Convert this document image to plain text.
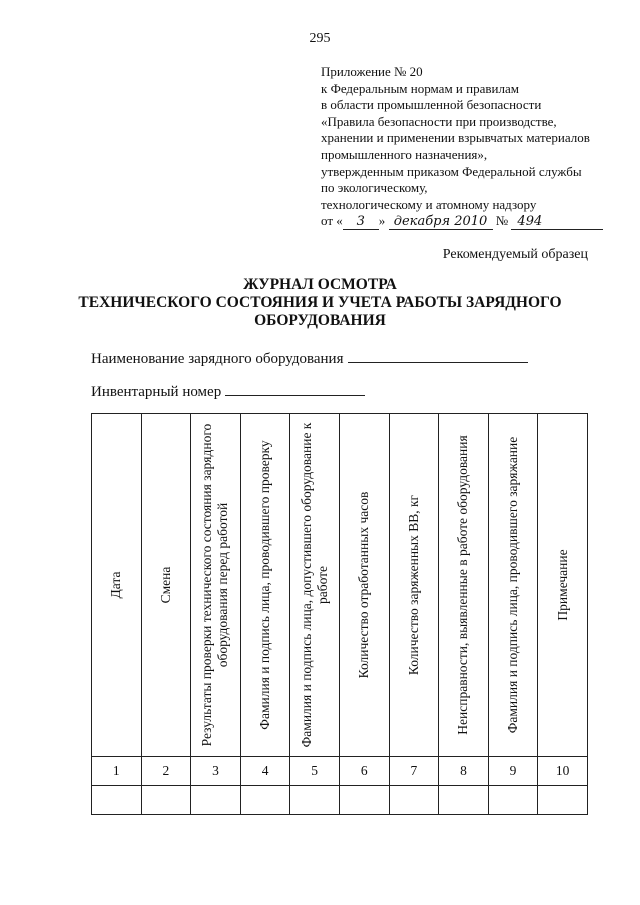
295
Приложение № 20
к Федеральным нормам и правилам
в области промышленной безопасности
«Правила безопасности при производстве,
хранении и применении взрывчатых материалов
промышленного назначения»,
утвержденным приказом Федеральной службы
по экологическому,
технологическому и атомному надзору
от « 3 » декабря 2010 № 494
Рекомендуемый образец
ЖУРНАЛ ОСМОТРА
ТЕХНИЧЕСКОГО СОСТОЯНИЯ И УЧЕТА РАБОТЫ ЗАРЯДНОГО
ОБОРУДОВАНИЯ
Наименование зарядного оборудования
Инвентарный номер
Дата	Смена	Результаты проверки технического состояния зарядного оборудования перед работой	Фамилия и подпись лица, проводившего проверку	Фамилия и подпись лица, допустившего оборудование к работе	Количество отработанных часов	Количество заряженных ВВ, кг	Неисправности, выявленные в работе оборудования	Фамилия и подпись лица, проводившего заряжание	Примечание

1	2	3	4	5	6	7	8	9	10
